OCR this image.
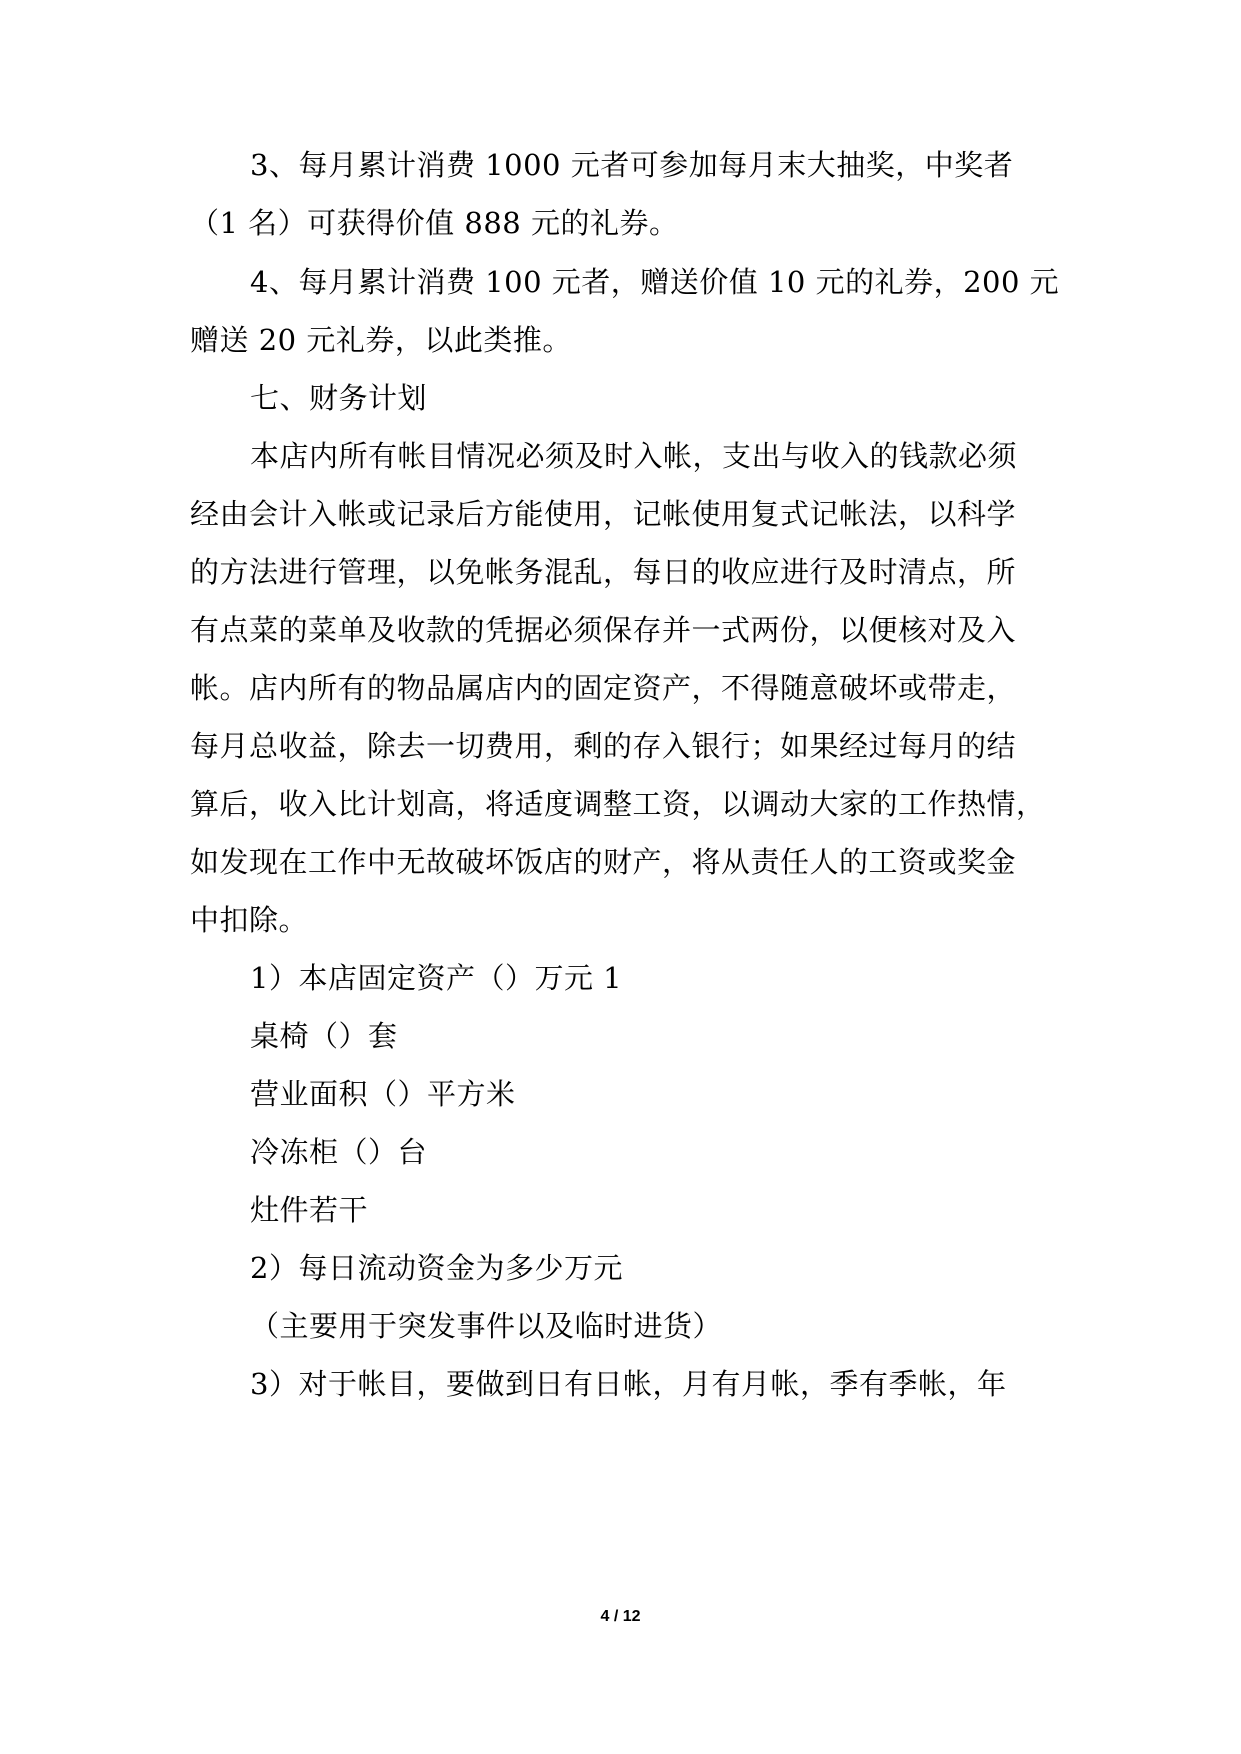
3、每月累计消费 1000 元者可参加每月末大抽奖，中奖者
（1 名）可获得价值 888 元的礼券。
4、每月累计消费 100 元者，赠送价值 10 元的礼券，200 元
赠送 20 元礼券，以此类推。
七、财务计划
本店内所有帐目情况必须及时入帐，支出与收入的钱款必须
经由会计入帐或记录后方能使用，记帐使用复式记帐法，以科学
的方法进行管理，以免帐务混乱，每日的收应进行及时清点，所
有点菜的菜单及收款的凭据必须保存并一式两份，以便核对及入
帐。店内所有的物品属店内的固定资产，不得随意破坏或带走，
每月总收益，除去一切费用，剩的存入银行；如果经过每月的结
算后，收入比计划高，将适度调整工资，以调动大家的工作热情，
如发现在工作中无故破坏饭店的财产，将从责任人的工资或奖金
中扣除。
1）本店固定资产（）万元 1
桌椅（）套
营业面积（）平方米
冷冻柜（）台
灶件若干
2）每日流动资金为多少万元
（主要用于突发事件以及临时进货）
3）对于帐目，要做到日有日帐，月有月帐，季有季帐，年
4 / 12
